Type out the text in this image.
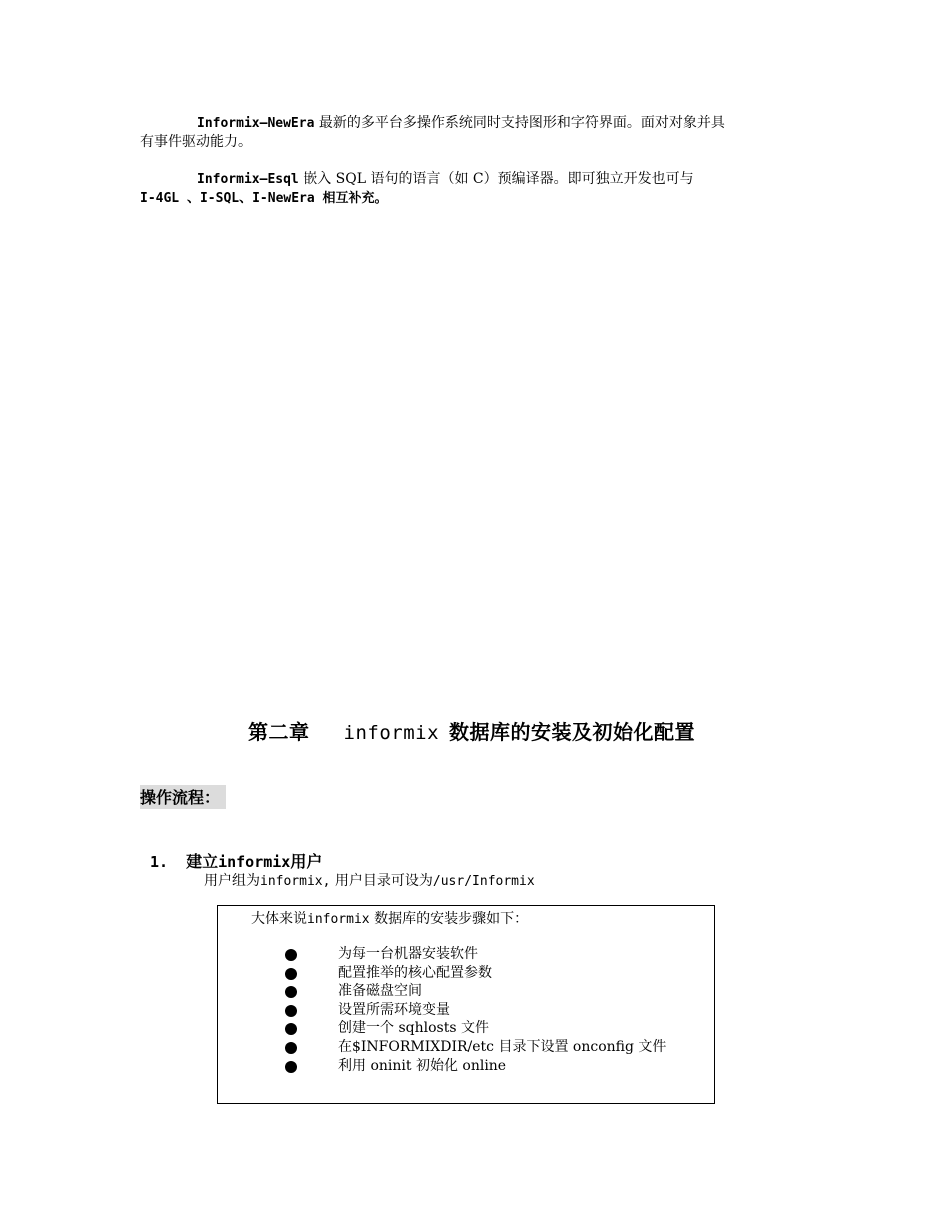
Informix—NewEra 最新的多平台多操作系统同时支持图形和字符界面。面对对象并具
有事件驱动能力。
Informix—Esql 嵌入 SQL 语句的语言（如 C）预编译器。即可独立开发也可与
I-4GL 、I-SQL、I-NewEra 相互补充。
第二章 informix 数据库的安装及初始化配置
操作流程：
1. 建立informix用户
用户组为informix, 用户目录可设为/usr/Informix
大体来说informix 数据库的安装步骤如下：
为每一台机器安装软件
配置推举的核心配置参数
准备磁盘空间
设置所需环境变量
创建一个 sqhlosts 文件
在$INFORMIXDIR/etc 目录下设置 onconfig 文件
利用 oninit 初始化 online
